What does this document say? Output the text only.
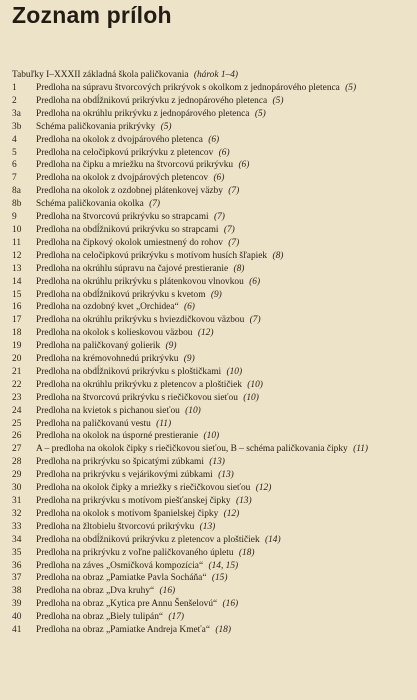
Zoznam príloh
Tabuľky I–XXXII základná škola paličkovania (hárok 1–4)
1	Predloha na súpravu štvorcových prikrývok s okolkom z jednopárového pletenca (5)
2	Predloha na obdĺžnikovú prikrývku z jednopárového pletenca (5)
3a	Predloha na okrúhlu prikrývku z jednopárového pletenca (5)
3b	Schéma paličkovania prikrývky (5)
4	Predloha na okolok z dvojpárového pletenca (6)
5	Predloha na celočipkovú prikrývku z pletencov (6)
6	Predloha na čipku a mriežku na štvorcovú prikrývku (6)
7	Predloha na okolok z dvojpárových pletencov (6)
8a	Predloha na okolok z ozdobnej plátenkovej väzby (7)
8b	Schéma paličkovania okolka (7)
9	Predloha na štvorcovú prikrývku so strapcami (7)
10	Predloha na obdĺžnikovú prikrývku so strapcami (7)
11	Predloha na čipkový okolok umiestnený do rohov (7)
12	Predloha na celočipkovú prikrývku s motívom husích šľapiek (8)
13	Predloha na okrúhlu súpravu na čajové prestieranie (8)
14	Predloha na okrúhlu prikrývku s plátenkovou vlnovkou (6)
15	Predloha na obdĺžnikovú prikrývku s kvetom (9)
16	Predloha na ozdobný kvet „Orchidea“ (6)
17	Predloha na okrúhlu prikrývku s hviezdičkovou väzbou (7)
18	Predloha na okolok s kolieskovou väzbou (12)
19	Predloha na paličkovaný golierik (9)
20	Predloha na krémovohnedú prikrývku (9)
21	Predloha na obdĺžnikovú prikrývku s ploštičkami (10)
22	Predloha na okrúhlu prikrývku z pletencov a ploštičiek (10)
23	Predloha na štvorcovú prikrývku s riečičkovou sieťou (10)
24	Predloha na kvietok s pichanou sieťou (10)
25	Predloha na paličkovanú vestu (11)
26	Predloha na okolok na úsporné prestieranie (10)
27	A – predloha na okolok čipky s riečičkovou sieťou, B – schéma paličkovania čipky (11)
28	Predloha na prikrývku so špicatými zúbkami (13)
29	Predloha na prikrývku s vejárikovými zúbkami (13)
30	Predloha na okolok čipky a mriežky s riečičkovou sieťou (12)
31	Predloha na prikrývku s motívom piešťanskej čipky (13)
32	Predloha na okolok s motívom španielskej čipky (12)
33	Predloha na žltobielu štvorcovú prikrývku (13)
34	Predloha na obdĺžnikovú prikrývku z pletencov a ploštičiek (14)
35	Predloha na prikrývku z voľne paličkovaného úpletu (18)
36	Predloha na záves „Osmičková kompozícia“ (14, 15)
37	Predloha na obraz „Pamiatke Pavla Socháňa“ (15)
38	Predloha na obraz „Dva kruhy“ (16)
39	Predloha na obraz „Kytica pre Annu Šenšelovú“ (16)
40	Predloha na obraz „Biely tulipán“ (17)
41	Predloha na obraz „Pamiatke Andreja Kmeťa“ (18)
